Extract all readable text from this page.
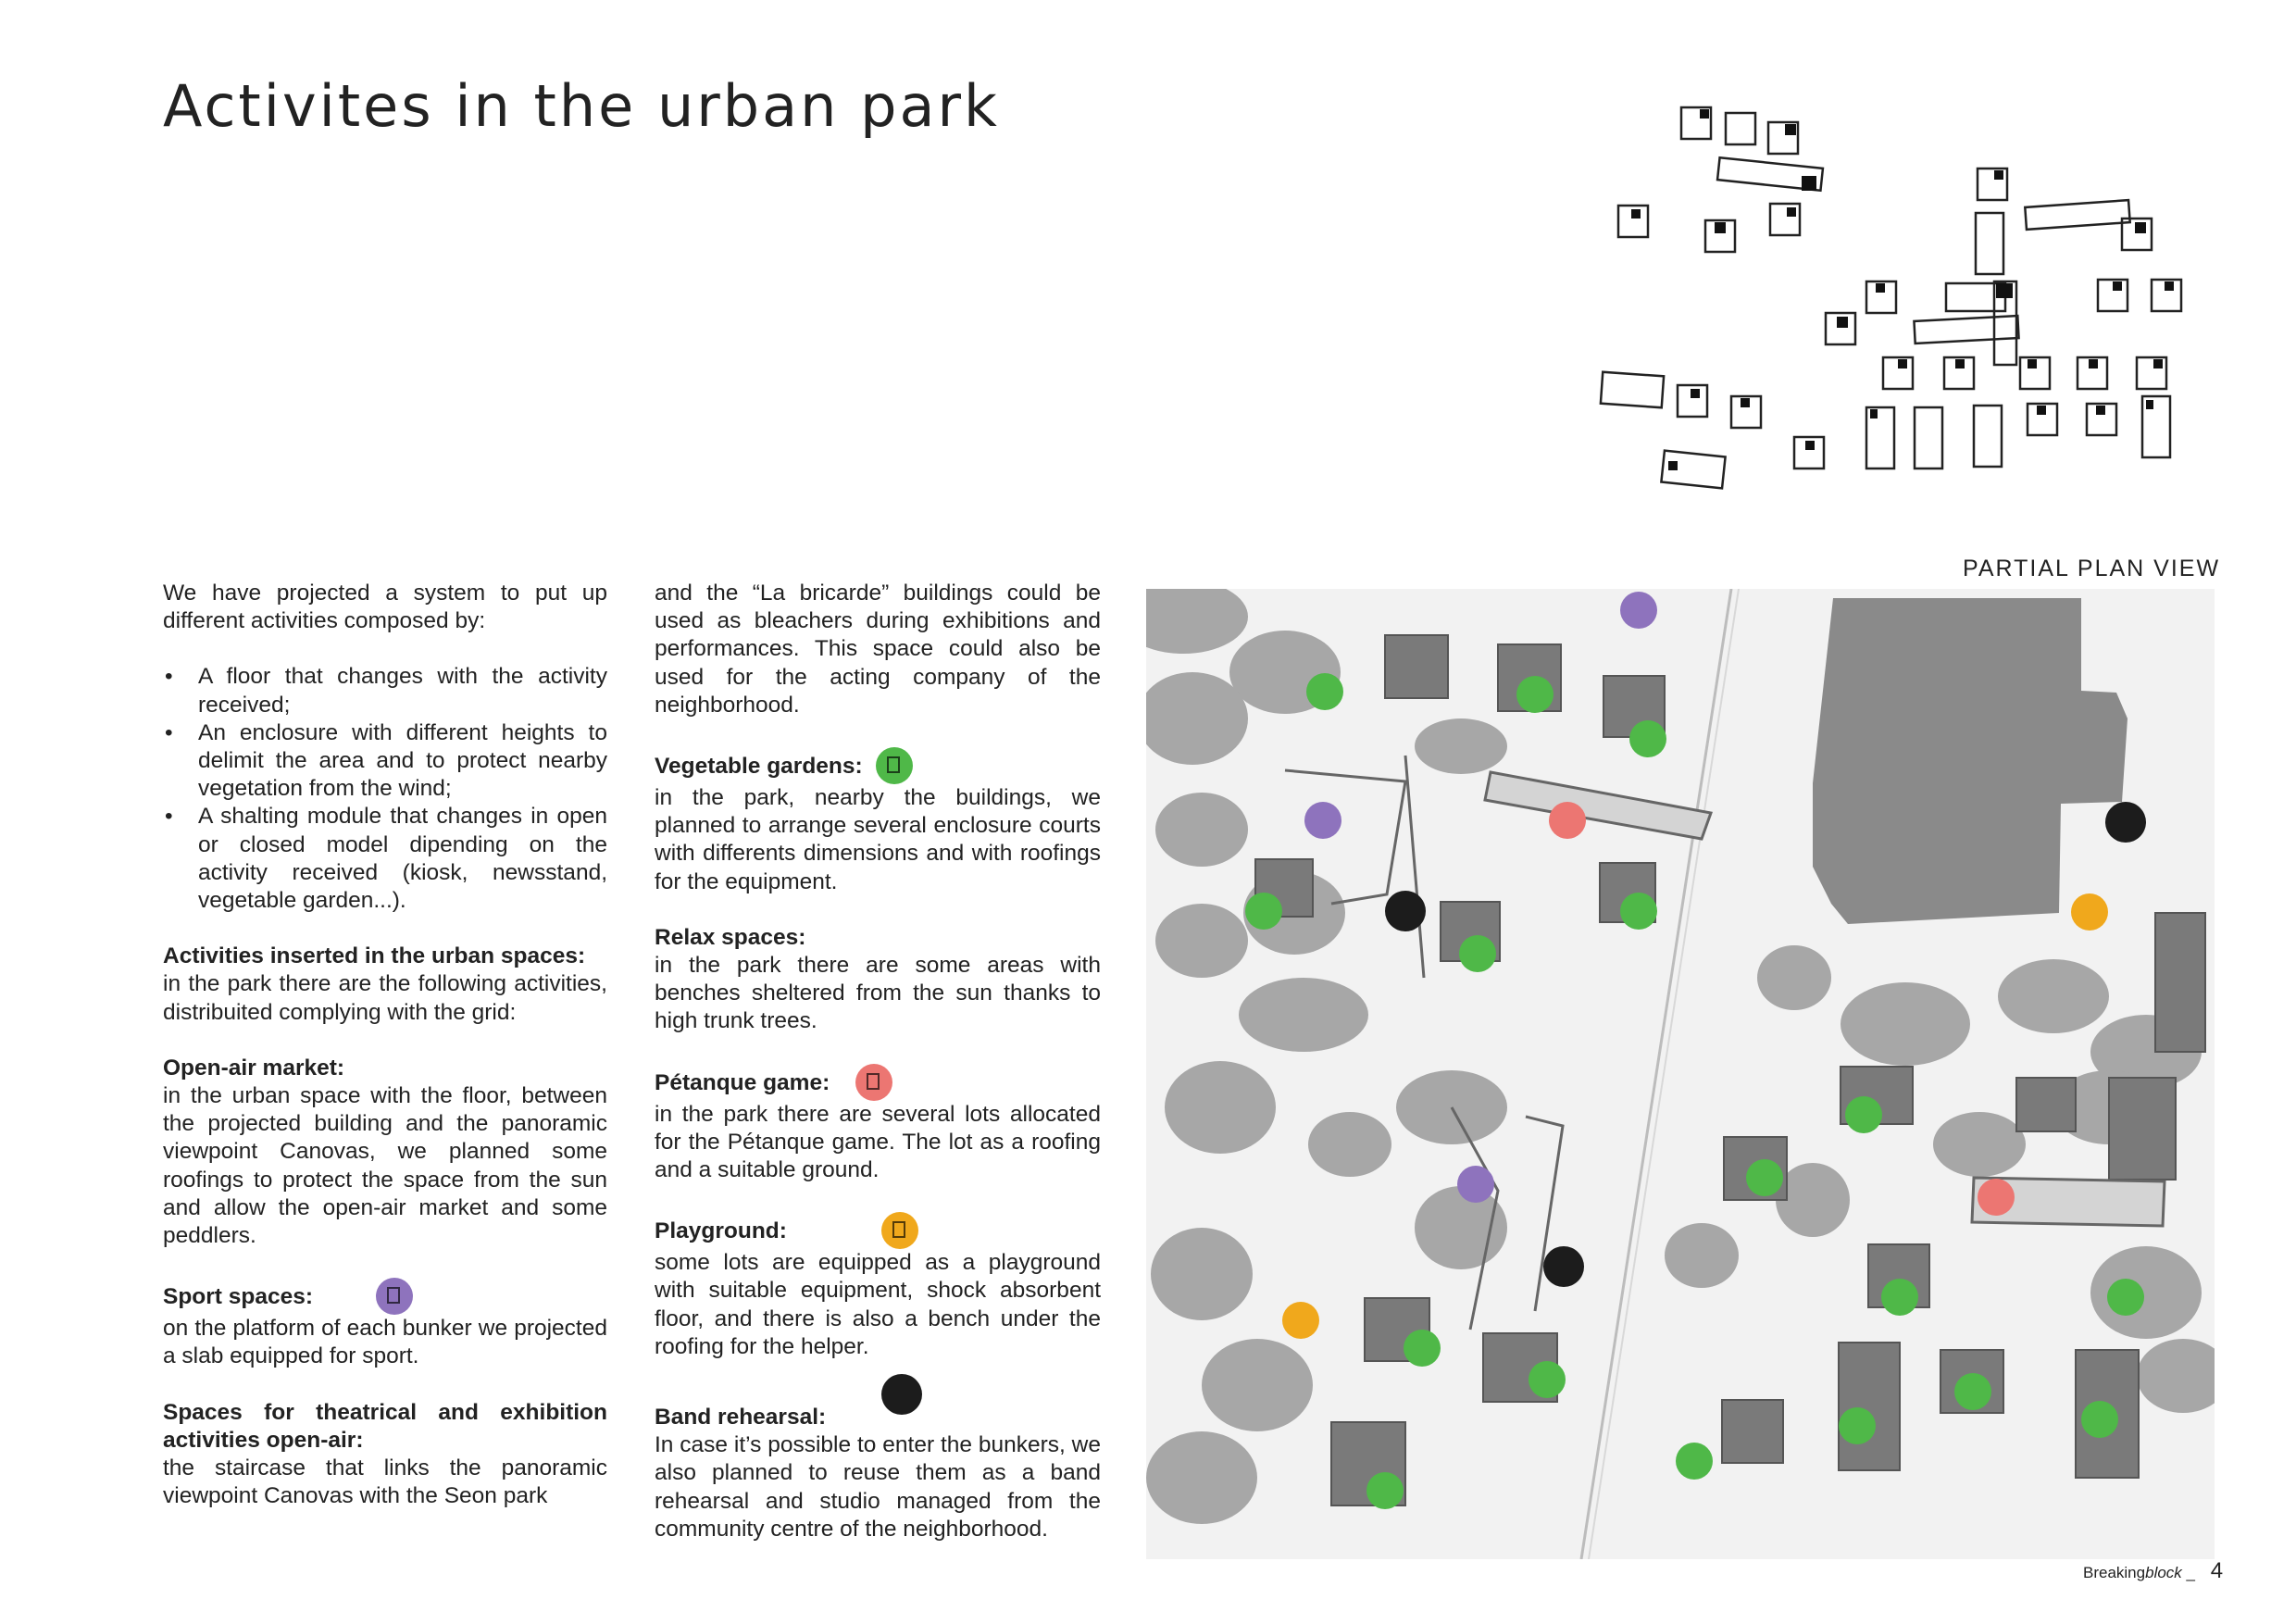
Activites in the urban park

We have projected a system to put up different activities composed by:

• A floor that changes with the activity received;
• An enclosure with different heights to delimit the area and to protect nearby vegetation from the wind;
• A shalting module that changes in open or closed model dipending on the activity received (kiosk, newsstand, vegetable garden...).

Activities inserted in the urban spaces:
in the park there are the following activities, distribuited complying with the grid:

Open-air market:
in the urban space with the floor, between the projected building and the panoramic viewpoint Canovas, we planned some roofings to protect the space from the sun and allow the open-air market and some peddlers.

Sport spaces:
on the platform of each bunker we projected a slab equipped for sport.

Spaces for theatrical and exhibition activities open-air:
the staircase that links the panoramic viewpoint Canovas with the Seon park

and the “La bricarde” buildings could be used as bleachers during exhibitions and performances. This space could also be used for the acting company of the neighborhood.

Vegetable gardens:
in the park, nearby the buildings, we planned to arrange several enclosure courts with differents dimensions and with roofings for the equipment.

Relax spaces:
in the park there are some areas with benches sheltered from the sun thanks to high trunk trees.

Pétanque game:
in the park there are several lots allocated for the Pétanque game. The lot as a roofing and a suitable ground.

Playground:
some lots are equipped as a playground with suitable equipment, shock absorbent floor, and there is also a bench under the roofing for the helper.

Band rehearsal:
In case it’s possible to enter the bunkers, we also planned to reuse them as a band rehearsal and studio managed from the community centre of the neighborhood.

PARTIAL PLAN VIEW
Breakingblock _ 4
